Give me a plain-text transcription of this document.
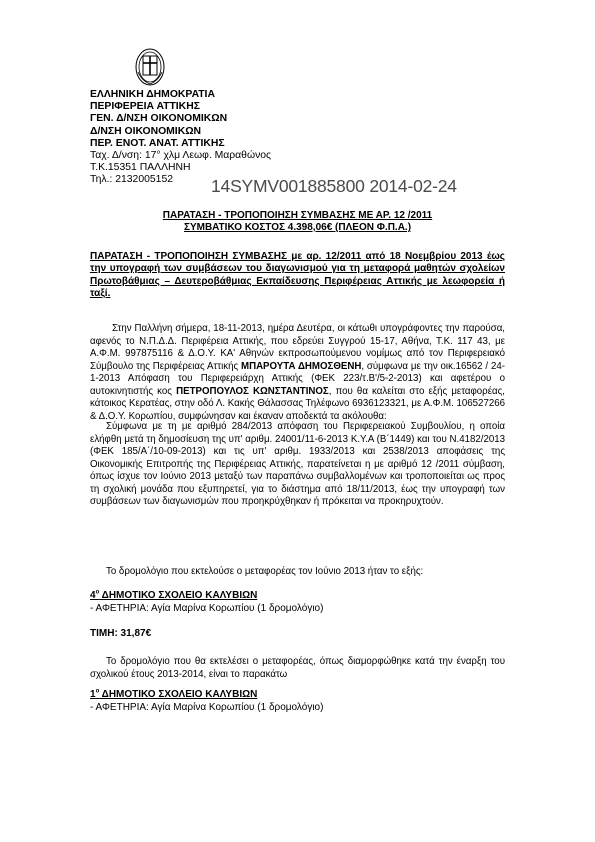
ΕΛΛΗΝΙΚΗ ΔΗΜΟΚΡΑΤΙΑ
ΠΕΡΙΦΕΡΕΙΑ ΑΤΤΙΚΗΣ
ΓΕΝ. Δ/ΝΣΗ ΟΙΚΟΝΟΜΙΚΩΝ
Δ/ΝΣΗ ΟΙΚΟΝΟΜΙΚΩΝ
ΠΕΡ. ΕΝΟΤ. ΑΝΑΤ. ΑΤΤΙΚΗΣ
Ταχ. Δ/νση: 17° χλμ Λεωφ. Μαραθώνος
Τ.Κ.15351 ΠΑΛΛΗΝΗ
Τηλ.: 2132005152	14SYMV001885800 2014-02-24
ΠΑΡΑΤΑΣΗ - ΤΡΟΠΟΠΟΙΗΣΗ ΣΥΜΒΑΣΗΣ ΜΕ ΑΡ. 12 /2011
ΣΥΜΒΑΤΙΚΟ ΚΟΣΤΟΣ 4.398,06€ (ΠΛΕΟΝ Φ.Π.Α.)
ΠΑΡΑΤΑΣΗ - ΤΡΟΠΟΠΟΙΗΣΗ ΣΥΜΒΑΣΗΣ με αρ. 12/2011 από 18 Νοεμβρίου 2013 έως την υπογραφή των συμβάσεων του διαγωνισμού για τη μεταφορά μαθητών σχολείων Πρωτοβάθμιας – Δευτεροβάθμιας Εκπαίδευσης Περιφέρειας Αττικής με λεωφορεία ή ταξί.
Στην Παλλήνη σήμερα, 18-11-2013, ημέρα Δευτέρα, οι κάτωθι υπογράφοντες την παρούσα, αφενός το Ν.Π.Δ.Δ. Περιφέρεια Αττικής, που εδρεύει Συγγρού 15-17, Αθήνα, Τ.Κ. 117 43, με Α.Φ.Μ. 997875116 & Δ.Ο.Υ. ΚΑ' Αθηνών εκπροσωπούμενου νομίμως από τον Περιφερειακό Σύμβουλο της Περιφέρειας Αττικής ΜΠΑΡΟΥΤΑ ΔΗΜΟΣΘΕΝΗ, σύμφωνα με την οικ.16562 / 24-1-2013 Απόφαση του Περιφερειάρχη Αττικής (ΦΕΚ 223/τ.Β'/5-2-2013) και αφετέρου ο αυτοκινητιστής κος ΠΕΤΡΟΠΟΥΛΟΣ ΚΩΝΣΤΑΝΤΙΝΟΣ, που θα καλείται στο εξής μεταφορέας, κάτοικος Κερατέας, στην οδό Λ. Κακής Θάλασσας Τηλέφωνο 6936123321, με Α.Φ.Μ. 106527266 & Δ.Ο.Υ. Κορωπίου, συμφώνησαν και έκαναν αποδεκτά τα ακόλουθα:
Σύμφωνα με τη με αριθμό 284/2013 απόφαση του Περιφερειακού Συμβουλίου, η οποία ελήφθη μετά τη δημοσίευση της υπ' αριθμ. 24001/11-6-2013 Κ.Υ.Α (Β΄1449) και του Ν.4182/2013 (ΦΕΚ 185/Α΄/10-09-2013) και τις υπ' αριθμ. 1933/2013 και 2538/2013 αποφάσεις της Οικονομικής Επιτροπής της Περιφέρειας Αττικής, παρατείνεται η με αριθμό 12 /2011 σύμβαση, όπως ίσχυε τον Ιούνιο 2013 μεταξύ των παραπάνω συμβαλλομένων και τροποποιείται ως προς τη σχολική μονάδα που εξυπηρετεί, για το διάστημα από 18/11/2013, έως την υπογραφή των συμβάσεων των διαγωνισμών που προηκρύχθηκαν ή πρόκειται να προκηρυχτούν.
Το δρομολόγιο που εκτελούσε ο μεταφορέας τον Ιούνιο 2013 ήταν το εξής:
$4^o$ ΔΗΜΟΤΙΚΟ ΣΧΟΛΕΙΟ ΚΑΛΥΒΙΩΝ
- ΑΦΕΤΗΡΙΑ: Αγία Μαρίνα Κορωπίου (1 δρομολόγιο)
ΤΙΜΗ: 31,87€
Το δρομολόγιο που θα εκτελέσει ο μεταφορέας, όπως διαμορφώθηκε κατά την έναρξη του σχολικού έτους 2013-2014, είναι το παρακάτω
$1^o$ ΔΗΜΟΤΙΚΟ ΣΧΟΛΕΙΟ ΚΑΛΥΒΙΩΝ
- ΑΦΕΤΗΡΙΑ: Αγία Μαρίνα Κορωπίου (1 δρομολόγιο)
